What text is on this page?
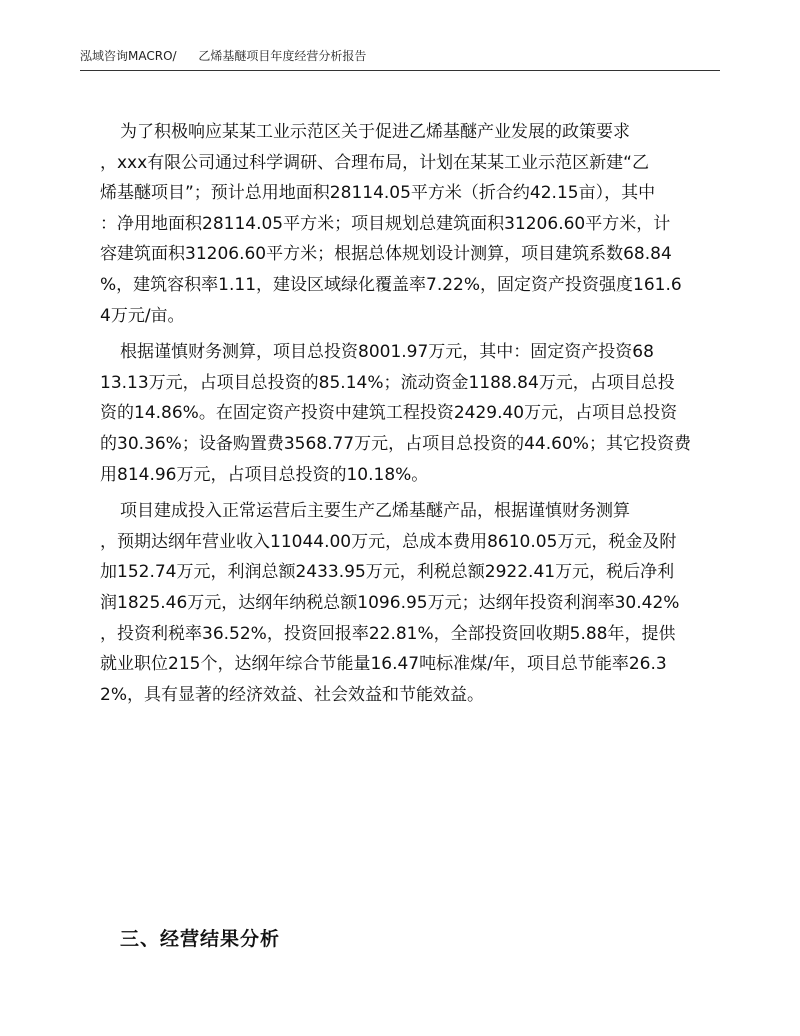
泓域咨询MACRO/ 乙烯基醚项目年度经营分析报告

为了积极响应某某工业示范区关于促进乙烯基醚产业发展的政策要求
，xxx有限公司通过科学调研、合理布局，计划在某某工业示范区新建“乙
烯基醚项目”；预计总用地面积28114.05平方米（折合约42.15亩），其中
：净用地面积28114.05平方米；项目规划总建筑面积31206.60平方米，计
容建筑面积31206.60平方米；根据总体规划设计测算，项目建筑系数68.84
%，建筑容积率1.11，建设区域绿化覆盖率7.22%，固定资产投资强度161.6
4万元/亩。

根据谨慎财务测算，项目总投资8001.97万元，其中：固定资产投资68
13.13万元，占项目总投资的85.14%；流动资金1188.84万元，占项目总投
资的14.86%。在固定资产投资中建筑工程投资2429.40万元，占项目总投资
的30.36%；设备购置费3568.77万元，占项目总投资的44.60%；其它投资费
用814.96万元，占项目总投资的10.18%。

项目建成投入正常运营后主要生产乙烯基醚产品，根据谨慎财务测算
，预期达纲年营业收入11044.00万元，总成本费用8610.05万元，税金及附
加152.74万元，利润总额2433.95万元，利税总额2922.41万元，税后净利
润1825.46万元，达纲年纳税总额1096.95万元；达纲年投资利润率30.42%
，投资利税率36.52%，投资回报率22.81%，全部投资回收期5.88年，提供
就业职位215个，达纲年综合节能量16.47吨标准煤/年，项目总节能率26.3
2%，具有显著的经济效益、社会效益和节能效益。

三、经营结果分析
